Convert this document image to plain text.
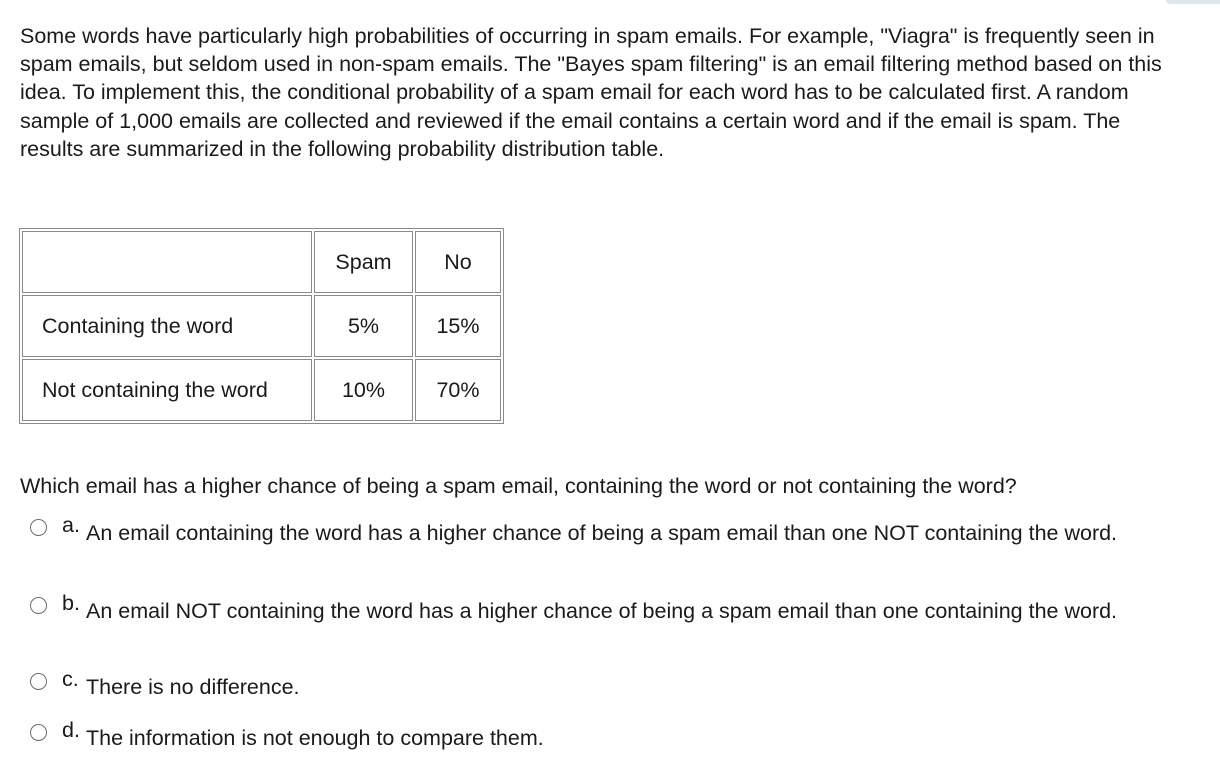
Some words have particularly high probabilities of occurring in spam emails. For example, "Viagra" is frequently seen in spam emails, but seldom used in non-spam emails. The "Bayes spam filtering" is an email filtering method based on this idea. To implement this, the conditional probability of a spam email for each word has to be calculated first. A random sample of 1,000 emails are collected and reviewed if the email contains a certain word and if the email is spam. The results are summarized in the following probability distribution table.

	Spam	No
Containing the word	5%	15%
Not containing the word	10%	70%

Which email has a higher chance of being a spam email, containing the word or not containing the word?

a. An email containing the word has a higher chance of being a spam email than one NOT containing the word.
b. An email NOT containing the word has a higher chance of being a spam email than one containing the word.
c. There is no difference.
d. The information is not enough to compare them.
